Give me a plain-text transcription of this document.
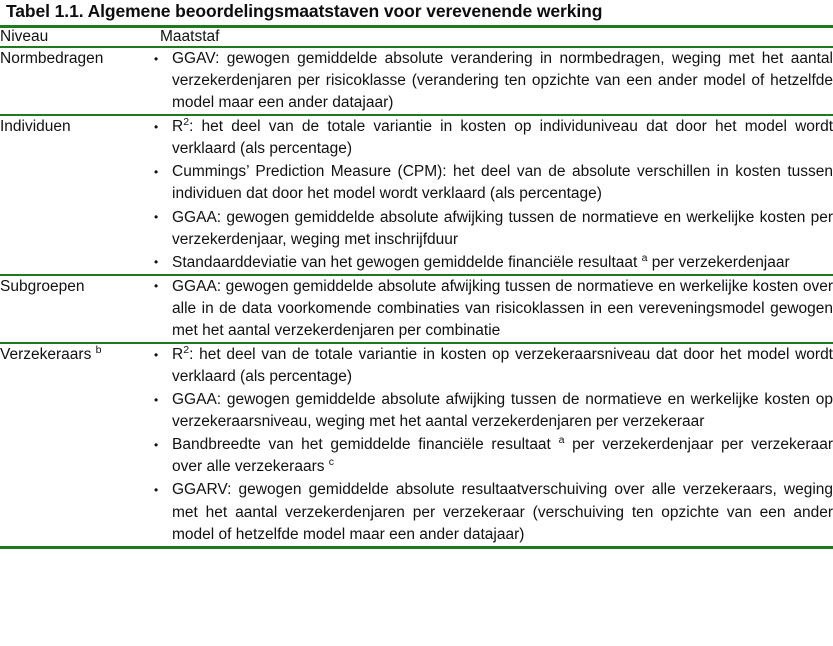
Tabel 1.1. Algemene beoordelingsmaatstaven voor verevenende werking
Niveau	Maatstaf

Normbedragen	
•GGAV: gewogen gemiddelde absolute verandering in normbedragen, weging met het aantal verzekerdenjaren per risicoklasse (verandering ten opzichte van een ander model of hetzelfde model maar een ander datajaar)

Individuen	
$•R^2$: het deel van de totale variantie in kosten op individuniveau dat door het model wordt verklaard (als percentage)
• Cummings’ Prediction Measure (CPM): het deel van de absolute verschillen in kosten tussen individuen dat door het model wordt verklaard (als percentage)
• GGAA: gewogen gemiddelde absolute afwijking tussen de normatieve en werkelijke kosten per verzekerdenjaar, weging met inschrijfduur
• Standaarddeviatie van het gewogen gemiddelde financiële resultaat $^a$ per verzekerdenjaar

Subgroepen	
•GGAA: gewogen gemiddelde absolute afwijking tussen de normatieve en werkelijke kosten over alle in de data voorkomende combinaties van risicoklassen in een vereveningsmodel gewogen met het aantal verzekerdenjaren per combinatie

Verzekeraars $^b$	
$•R^2$: het deel van de totale variantie in kosten op verzekeraarsniveau dat door het model wordt verklaard (als percentage)
• GGAA: gewogen gemiddelde absolute afwijking tussen de normatieve en werkelijke kosten op verzekeraarsniveau, weging met het aantal verzekerdenjaren per verzekeraar
• Bandbreedte van het gemiddelde financiële resultaat $^a$ per verzekerdenjaar per verzekeraar over alle verzekeraars $^c$
• GGARV: gewogen gemiddelde absolute resultaatverschuiving over alle verzekeraars, weging met het aantal verzekerdenjaren per verzekeraar (verschuiving ten opzichte van een ander model of hetzelfde model maar een ander datajaar)
